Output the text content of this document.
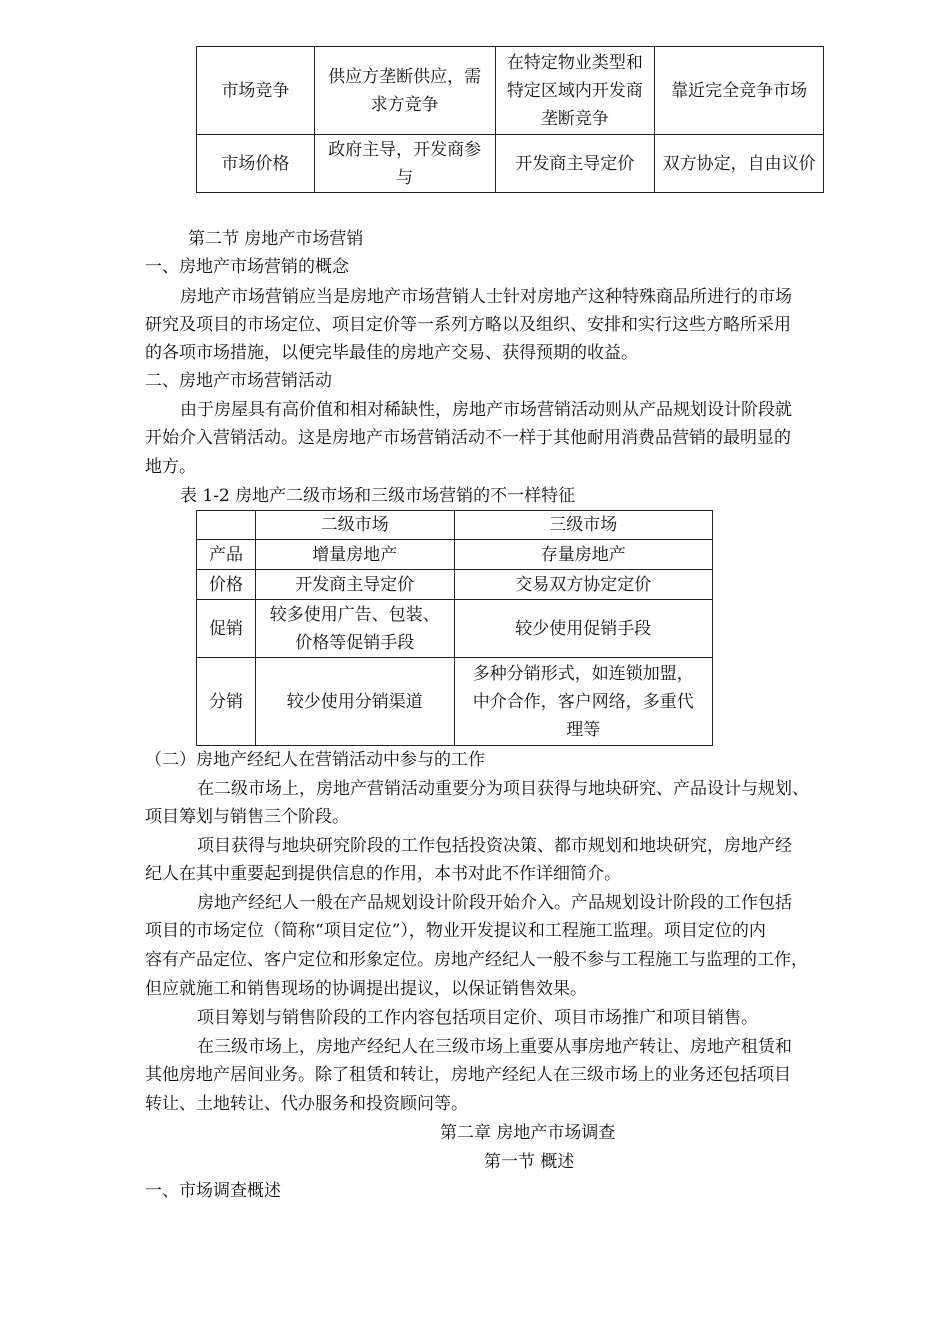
市场竞争	供应方垄断供应，需求方竞争	在特定物业类型和特定区域内开发商垄断竞争	靠近完全竞争市场
市场价格	政府主导，开发商参与	开发商主导定价	双方协定，自由议价
第二节 房地产市场营销
一、房地产市场营销的概念
房地产市场营销应当是房地产市场营销人士针对房地产这种特殊商品所进行的市场
研究及项目的市场定位、项目定价等一系列方略以及组织、安排和实行这些方略所采用
的各项市场措施，以便完毕最佳的房地产交易、获得预期的收益。
二、房地产市场营销活动
由于房屋具有高价值和相对稀缺性，房地产市场营销活动则从产品规划设计阶段就
开始介入营销活动。这是房地产市场营销活动不一样于其他耐用消费品营销的最明显的
地方。
表 1-2 房地产二级市场和三级市场营销的不一样特征
	二级市场	三级市场
产品	增量房地产	存量房地产
价格	开发商主导定价	交易双方协定定价
促销	较多使用广告、包装、价格等促销手段	较少使用促销手段
分销	较少使用分销渠道	多种分销形式，如连锁加盟，中介合作，客户网络，多重代理等
（二）房地产经纪人在营销活动中参与的工作
在二级市场上，房地产营销活动重要分为项目获得与地块研究、产品设计与规划、
项目筹划与销售三个阶段。
项目获得与地块研究阶段的工作包括投资决策、都市规划和地块研究，房地产经
纪人在其中重要起到提供信息的作用，本书对此不作详细简介。
房地产经纪人一般在产品规划设计阶段开始介入。产品规划设计阶段的工作包括
项目的市场定位（简称“项目定位”），物业开发提议和工程施工监理。项目定位的内
容有产品定位、客户定位和形象定位。房地产经纪人一般不参与工程施工与监理的工作，
但应就施工和销售现场的协调提出提议，以保证销售效果。
项目筹划与销售阶段的工作内容包括项目定价、项目市场推广和项目销售。
在三级市场上，房地产经纪人在三级市场上重要从事房地产转让、房地产租赁和
其他房地产居间业务。除了租赁和转让，房地产经纪人在三级市场上的业务还包括项目
转让、土地转让、代办服务和投资顾问等。
第二章 房地产市场调查
第一节 概述
一、市场调查概述
